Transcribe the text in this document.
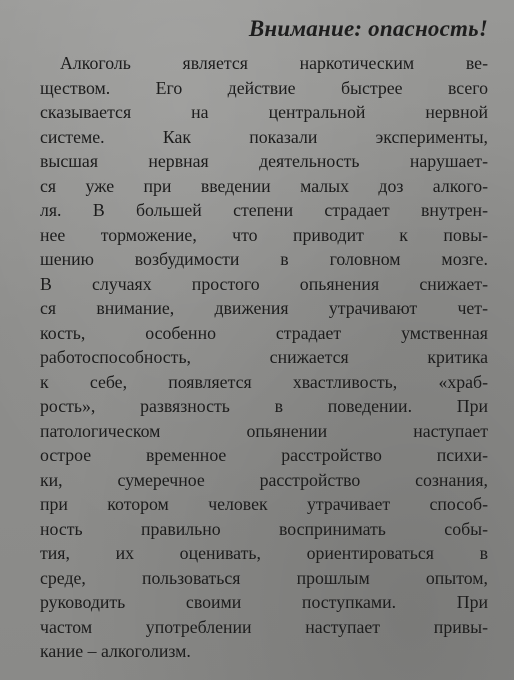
Внимание: опасность!
Алкоголь является наркотическим ве-
ществом. Его действие быстрее всего
сказывается на центральной нервной
системе. Как показали эксперименты,
высшая нервная деятельность нарушает-
ся уже при введении малых доз алкого-
ля. В большей степени страдает внутрен-
нее торможение, что приводит к повы-
шению возбудимости в головном мозге.
В случаях простого опьянения снижает-
ся внимание, движения утрачивают чет-
кость, особенно страдает умственная
работоспособность, снижается критика
к себе, появляется хвастливость, «храб-
рость», развязность в поведении. При
патологическом опьянении наступает
острое временное расстройство психи-
ки, сумеречное расстройство сознания,
при котором человек утрачивает способ-
ность правильно воспринимать собы-
тия, их оценивать, ориентироваться в
среде, пользоваться прошлым опытом,
руководить своими поступками. При
частом употреблении наступает привы-
кание – алкоголизм.
